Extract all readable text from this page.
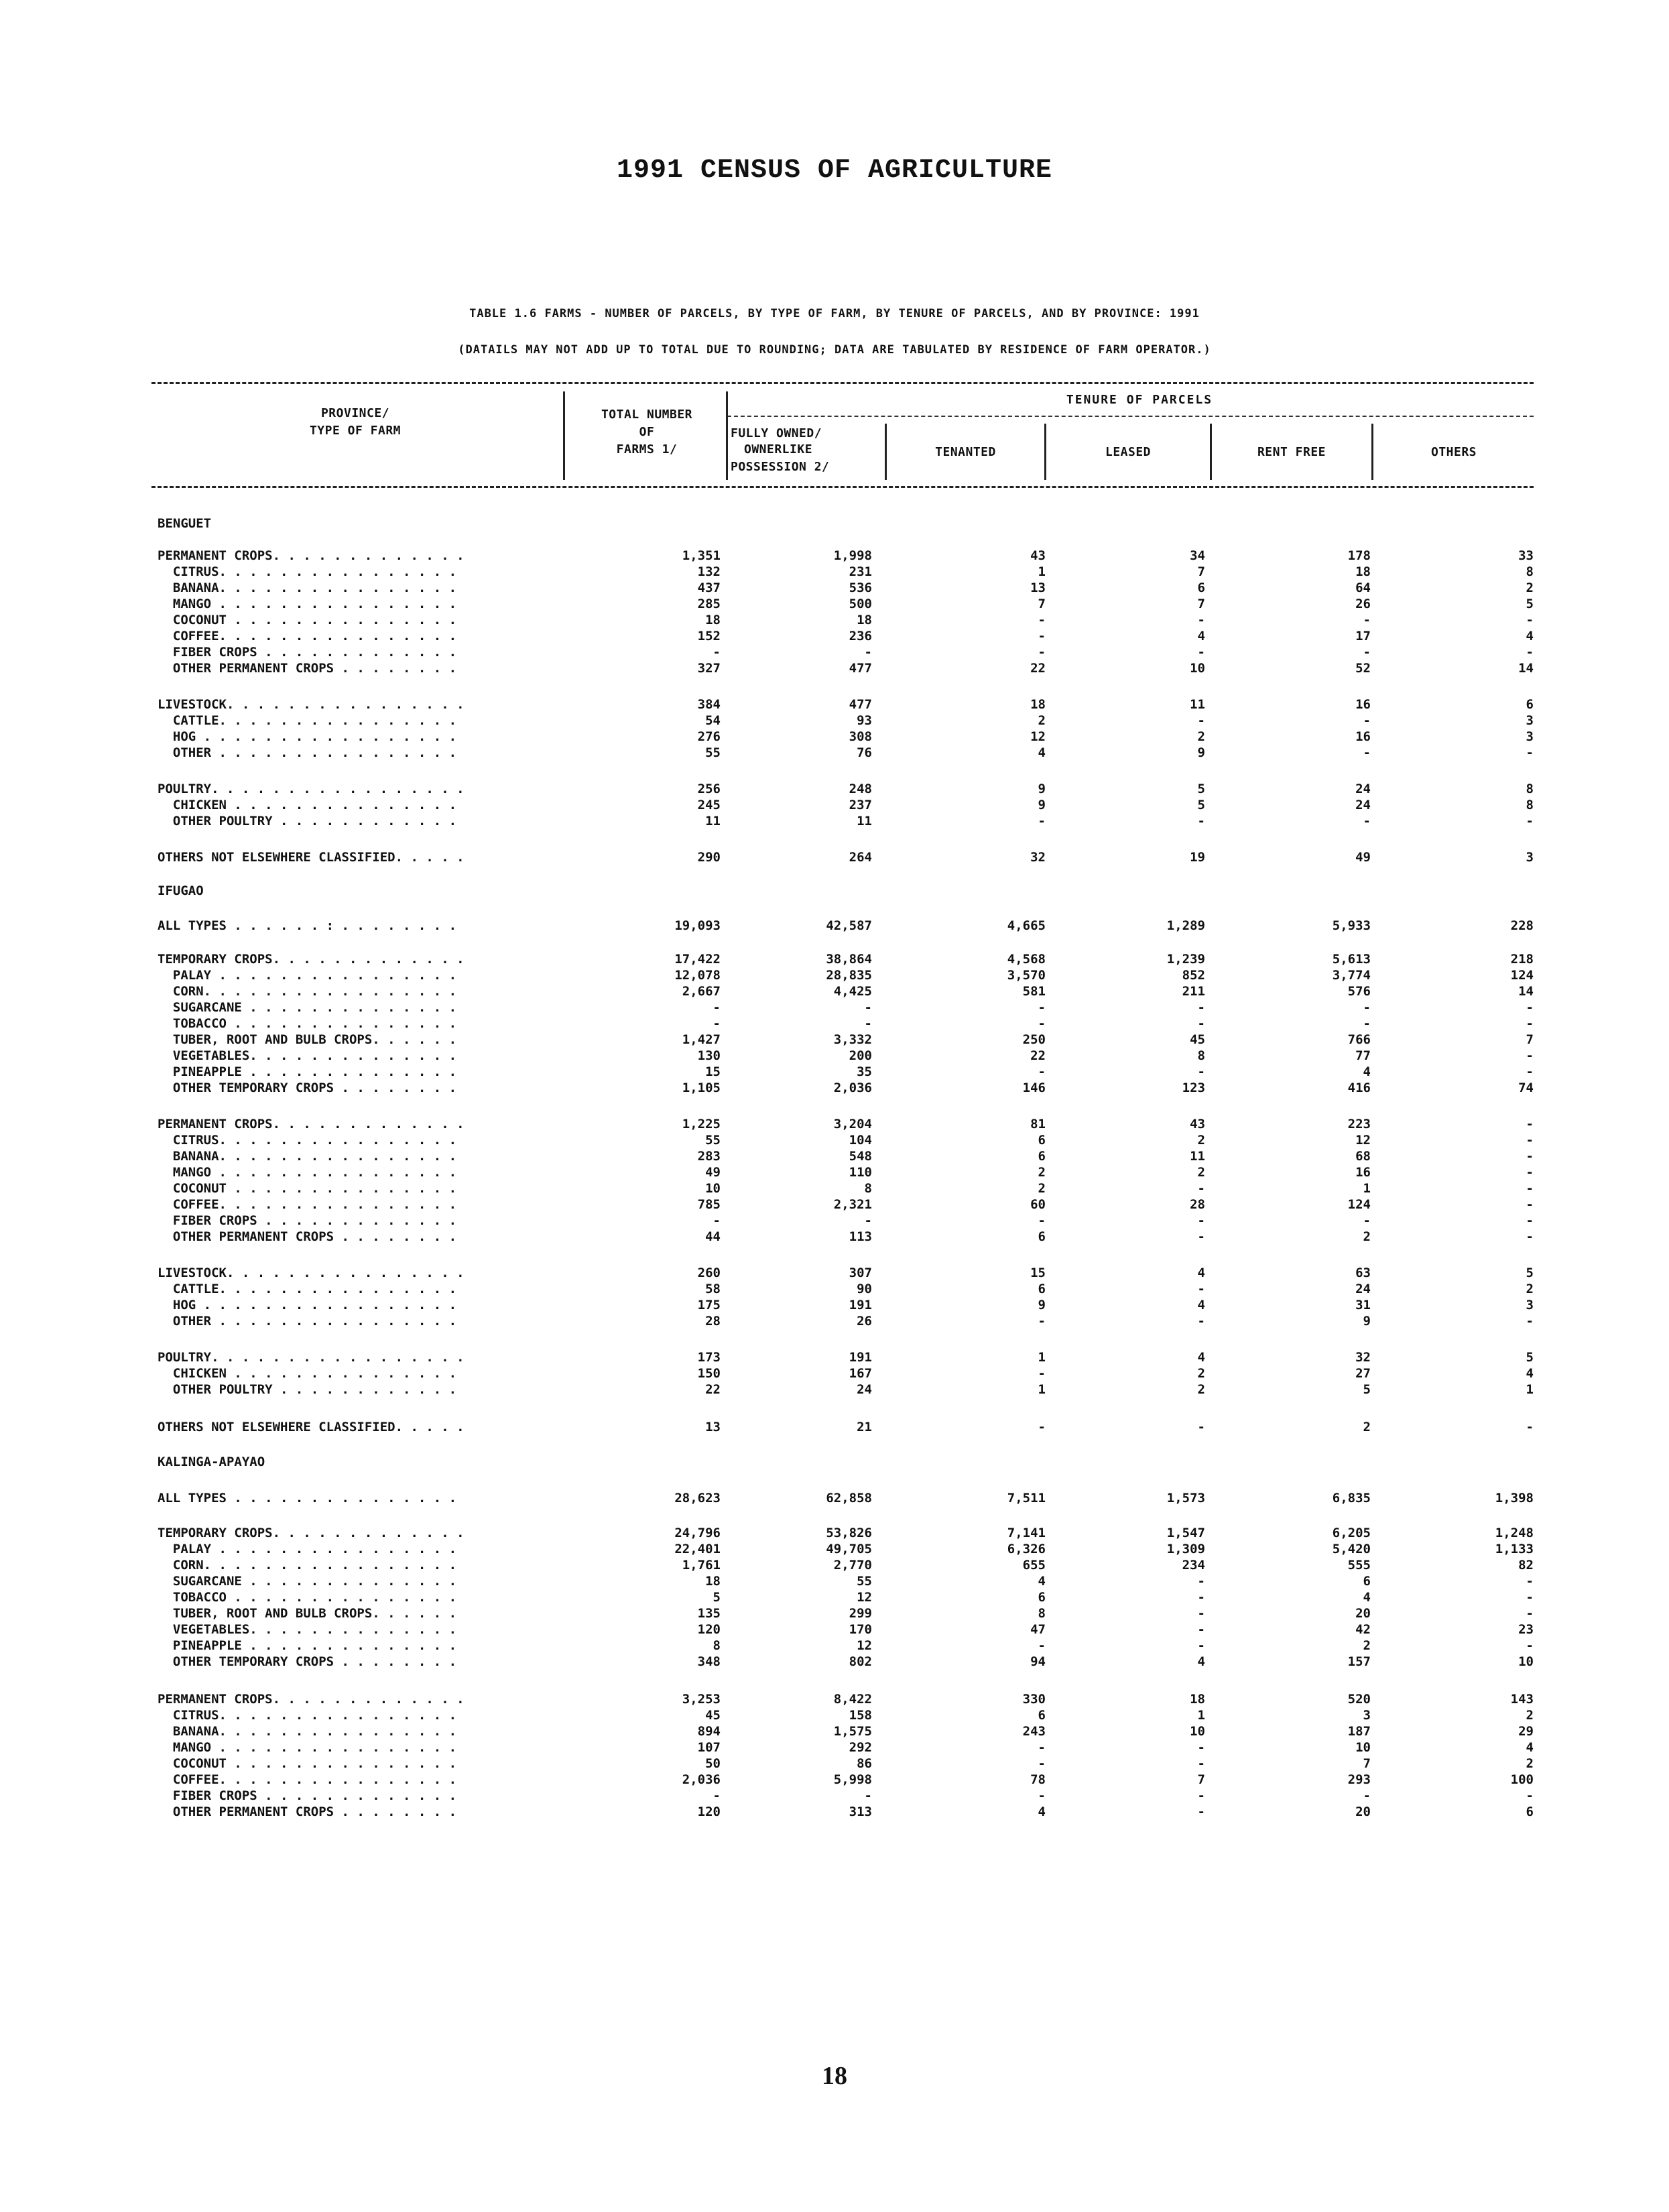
1991 CENSUS OF AGRICULTURE
TABLE 1.6 FARMS - NUMBER OF PARCELS, BY TYPE OF FARM, BY TENURE OF PARCELS, AND BY PROVINCE: 1991
(DATAILS MAY NOT ADD UP TO TOTAL DUE TO ROUNDING; DATA ARE TABULATED BY RESIDENCE OF FARM OPERATOR.)
PROVINCE/
TYPE OF FARM
TOTAL NUMBER
OF
FARMS 1/
TENURE OF PARCELS
FULLY OWNED/
OWNERLIKE
POSSESSION 2/
TENANTED	LEASED	RENT FREE	OTHERS
BENGUET
PERMANENT CROPS. . . . . . . . . . . . .	1,351	1,998	43	34	178	33
CITRUS. . . . . . . . . . . . . . . .	132	231	1	7	18	8
BANANA. . . . . . . . . . . . . . . .	437	536	13	6	64	2
MANGO . . . . . . . . . . . . . . . .	285	500	7	7	26	5
COCONUT . . . . . . . . . . . . . . .	18	18	-	-	-	-
COFFEE. . . . . . . . . . . . . . . .	152	236	-	4	17	4
FIBER CROPS . . . . . . . . . . . . .	-	-	-	-	-	-
OTHER PERMANENT CROPS . . . . . . . .	327	477	22	10	52	14
LIVESTOCK. . . . . . . . . . . . . . . .	384	477	18	11	16	6
CATTLE. . . . . . . . . . . . . . . .	54	93	2	-	-	3
HOG . . . . . . . . . . . . . . . . .	276	308	12	2	16	3
OTHER . . . . . . . . . . . . . . . .	55	76	4	9	-	-
POULTRY. . . . . . . . . . . . . . . . .	256	248	9	5	24	8
CHICKEN . . . . . . . . . . . . . . .	245	237	9	5	24	8
OTHER POULTRY . . . . . . . . . . . .	11	11	-	-	-	-
OTHERS NOT ELSEWHERE CLASSIFIED. . . . .	290	264	32	19	49	3
IFUGAO
ALL TYPES . . . . . . : . . . . . . . .	19,093	42,587	4,665	1,289	5,933	228
TEMPORARY CROPS. . . . . . . . . . . . .	17,422	38,864	4,568	1,239	5,613	218
PALAY . . . . . . . . . . . . . . . .	12,078	28,835	3,570	852	3,774	124
CORN. . . . . . . . . . . . . . . . .	2,667	4,425	581	211	576	14
SUGARCANE . . . . . . . . . . . . . .	-	-	-	-	-	-
TOBACCO . . . . . . . . . . . . . . .	-	-	-	-	-	-
TUBER, ROOT AND BULB CROPS. . . . . .	1,427	3,332	250	45	766	7
VEGETABLES. . . . . . . . . . . . . .	130	200	22	8	77	-
PINEAPPLE . . . . . . . . . . . . . .	15	35	-	-	4	-
OTHER TEMPORARY CROPS . . . . . . . .	1,105	2,036	146	123	416	74
PERMANENT CROPS. . . . . . . . . . . . .	1,225	3,204	81	43	223	-
CITRUS. . . . . . . . . . . . . . . .	55	104	6	2	12	-
BANANA. . . . . . . . . . . . . . . .	283	548	6	11	68	-
MANGO . . . . . . . . . . . . . . . .	49	110	2	2	16	-
COCONUT . . . . . . . . . . . . . . .	10	8	2	-	1	-
COFFEE. . . . . . . . . . . . . . . .	785	2,321	60	28	124	-
FIBER CROPS . . . . . . . . . . . . .	-	-	-	-	-	-
OTHER PERMANENT CROPS . . . . . . . .	44	113	6	-	2	-
LIVESTOCK. . . . . . . . . . . . . . . .	260	307	15	4	63	5
CATTLE. . . . . . . . . . . . . . . .	58	90	6	-	24	2
HOG . . . . . . . . . . . . . . . . .	175	191	9	4	31	3
OTHER . . . . . . . . . . . . . . . .	28	26	-	-	9	-
POULTRY. . . . . . . . . . . . . . . . .	173	191	1	4	32	5
CHICKEN . . . . . . . . . . . . . . .	150	167	-	2	27	4
OTHER POULTRY . . . . . . . . . . . .	22	24	1	2	5	1
OTHERS NOT ELSEWHERE CLASSIFIED. . . . .	13	21	-	-	2	-
KALINGA-APAYAO
ALL TYPES . . . . . . . . . . . . . . .	28,623	62,858	7,511	1,573	6,835	1,398
TEMPORARY CROPS. . . . . . . . . . . . .	24,796	53,826	7,141	1,547	6,205	1,248
PALAY . . . . . . . . . . . . . . . .	22,401	49,705	6,326	1,309	5,420	1,133
CORN. . . . . . . . . . . . . . . . .	1,761	2,770	655	234	555	82
SUGARCANE . . . . . . . . . . . . . .	18	55	4	-	6	-
TOBACCO . . . . . . . . . . . . . . .	5	12	6	-	4	-
TUBER, ROOT AND BULB CROPS. . . . . .	135	299	8	-	20	-
VEGETABLES. . . . . . . . . . . . . .	120	170	47	-	42	23
PINEAPPLE . . . . . . . . . . . . . .	8	12	-	-	2	-
OTHER TEMPORARY CROPS . . . . . . . .	348	802	94	4	157	10
PERMANENT CROPS. . . . . . . . . . . . .	3,253	8,422	330	18	520	143
CITRUS. . . . . . . . . . . . . . . .	45	158	6	1	3	2
BANANA. . . . . . . . . . . . . . . .	894	1,575	243	10	187	29
MANGO . . . . . . . . . . . . . . . .	107	292	-	-	10	4
COCONUT . . . . . . . . . . . . . . .	50	86	-	-	7	2
COFFEE. . . . . . . . . . . . . . . .	2,036	5,998	78	7	293	100
FIBER CROPS . . . . . . . . . . . . .	-	-	-	-	-	-
OTHER PERMANENT CROPS . . . . . . . .	120	313	4	-	20	6
18
